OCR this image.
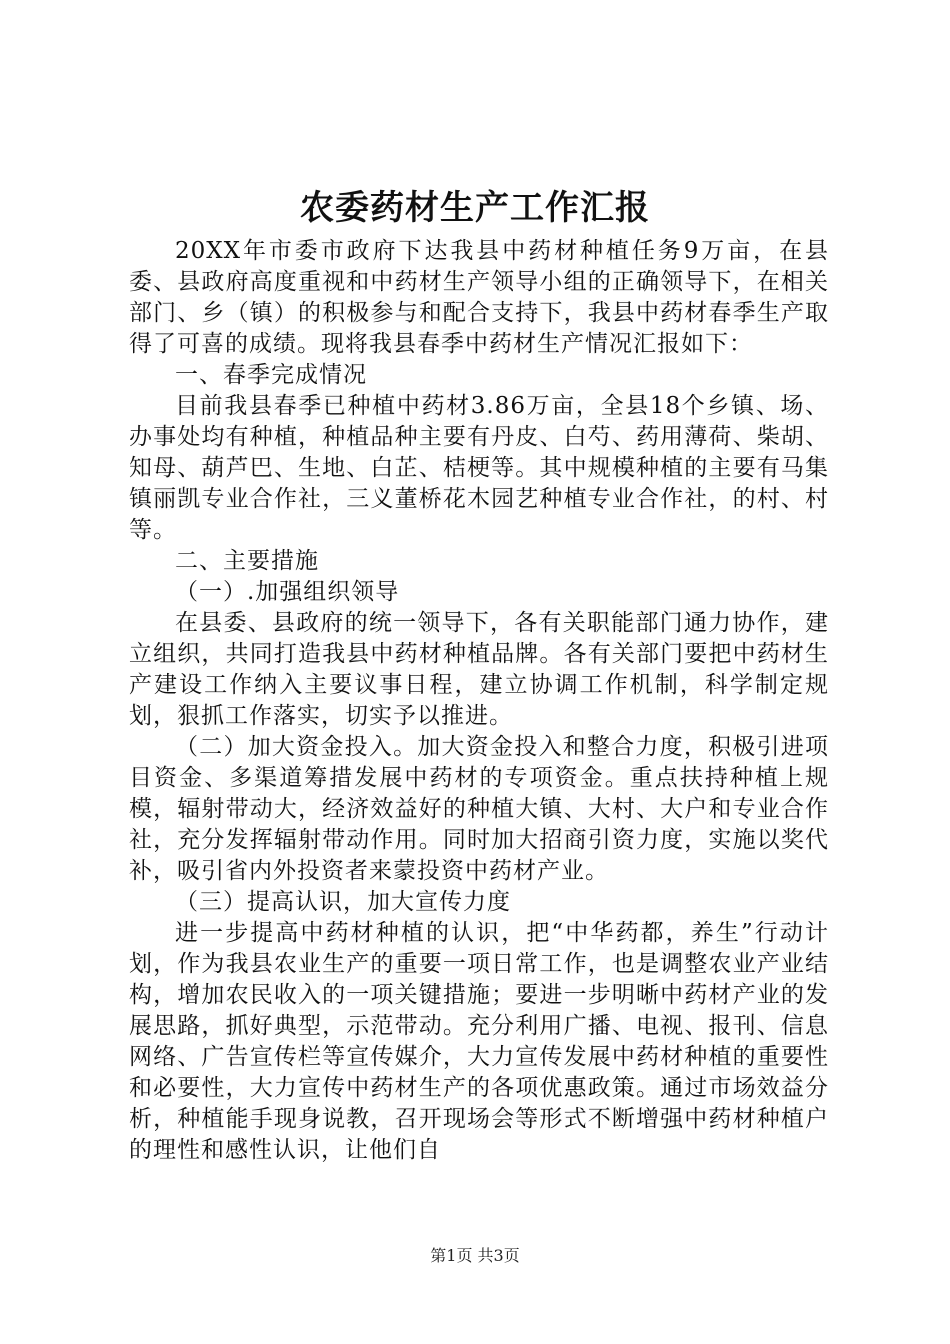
农委药材生产工作汇报

20XX年市委市政府下达我县中药材种植任务9万亩，在县委、县政府高度重视和中药材生产领导小组的正确领导下，在相关部门、乡（镇）的积极参与和配合支持下，我县中药材春季生产取得了可喜的成绩。现将我县春季中药材生产情况汇报如下：

一、春季完成情况

目前我县春季已种植中药材3.86万亩，全县18个乡镇、场、办事处均有种植，种植品种主要有丹皮、白芍、药用薄荷、柴胡、知母、葫芦巴、生地、白芷、桔梗等。其中规模种植的主要有马集镇丽凯专业合作社，三义董桥花木园艺种植专业合作社，的村、村等。

二、主要措施

（一）.加强组织领导

在县委、县政府的统一领导下，各有关职能部门通力协作，建立组织，共同打造我县中药材种植品牌。各有关部门要把中药材生产建设工作纳入主要议事日程，建立协调工作机制，科学制定规划，狠抓工作落实，切实予以推进。

（二）加大资金投入。加大资金投入和整合力度，积极引进项目资金、多渠道筹措发展中药材的专项资金。重点扶持种植上规模，辐射带动大，经济效益好的种植大镇、大村、大户和专业合作社，充分发挥辐射带动作用。同时加大招商引资力度，实施以奖代补，吸引省内外投资者来蒙投资中药材产业。

（三）提高认识，加大宣传力度

进一步提高中药材种植的认识，把“中华药都，养生”行动计划，作为我县农业生产的重要一项日常工作，也是调整农业产业结构，增加农民收入的一项关键措施；要进一步明晰中药材产业的发展思路，抓好典型，示范带动。充分利用广播、电视、报刊、信息网络、广告宣传栏等宣传媒介，大力宣传发展中药材种植的重要性和必要性，大力宣传中药材生产的各项优惠政策。通过市场效益分析，种植能手现身说教，召开现场会等形式不断增强中药材种植户的理性和感性认识，让他们自

第1页 共3页
